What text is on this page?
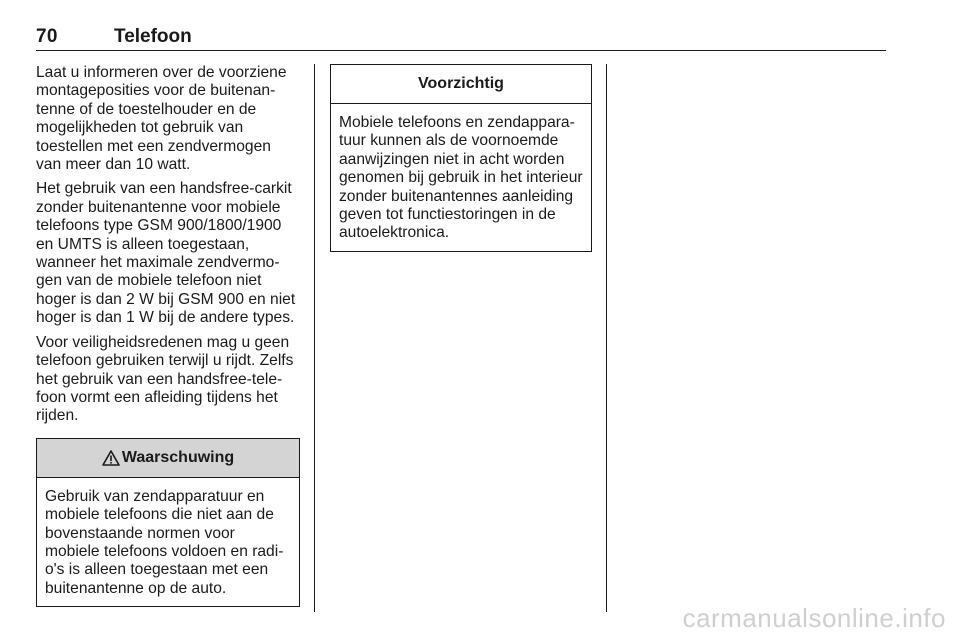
70	Telefoon

Laat u informeren over de voorziene montageposities voor de buitenantenne of de toestelhouder en de mogelijkheden tot gebruik van toestellen met een zendvermogen van meer dan 10 watt.

Het gebruik van een handsfree-carkit zonder buitenantenne voor mobiele telefoons type GSM 900/1800/1900 en UMTS is alleen toegestaan, wanneer het maximale zendvermogen van de mobiele telefoon niet hoger is dan 2 W bij GSM 900 en niet hoger is dan 1 W bij de andere types.

Voor veiligheidsredenen mag u geen telefoon gebruiken terwijl u rijdt. Zelfs het gebruik van een handsfree-telefoon vormt een afleiding tijdens het rijden.

Waarschuwing
Gebruik van zendapparatuur en mobiele telefoons die niet aan de bovenstaande normen voor mobiele telefoons voldoen en radio's is alleen toegestaan met een buitenantenne op de auto.
Voorzichtig
Mobiele telefoons en zendapparatuur kunnen als de voornoemde aanwijzingen niet in acht worden genomen bij gebruik in het interieur zonder buitenantennes aanleiding geven tot functiestoringen in de autoelektronica.
carmanualsonline.info
